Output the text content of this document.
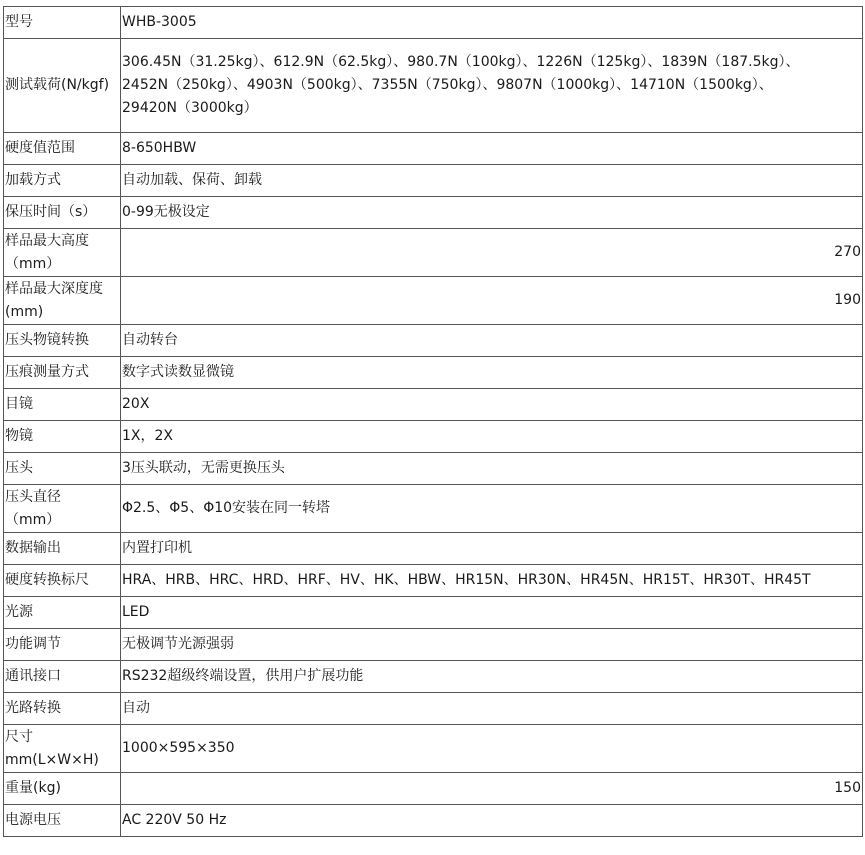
型号	WHB-3005
测试载荷(N/kgf)	306.45N（31.25kg）、612.9N（62.5kg）、980.7N（100kg）、1226N（125kg）、1839N（187.5kg）、
2452N（250kg）、4903N（500kg）、7355N（750kg）、9807N（1000kg）、14710N（1500kg）、
29420N（3000kg）

硬度值范围	8-650HBW
加载方式	自动加载、保荷、卸载
保压时间（s）	0-99无极设定

样品最大高度
（mm）	270

样品最大深度度
(mm)	190
压头物镜转换	自动转台
压痕测量方式	数字式读数显微镜
目镜	20X
物镜	1X，2X
压头	3压头联动，无需更换压头

压头直径
（mm）	Φ2.5、Φ5、Φ10安装在同一转塔
数据输出	内置打印机
硬度转换标尺	HRA、HRB、HRC、HRD、HRF、HV、HK、HBW、HR15N、HR30N、HR45N、HR15T、HR30T、HR45T
光源	LED
功能调节	无极调节光源强弱
通讯接口	RS232超级终端设置，供用户扩展功能
光路转换	自动

尺寸
mm(L×W×H)	1000×595×350
重量(kg)	150
电源电压	AC 220V 50 Hz
